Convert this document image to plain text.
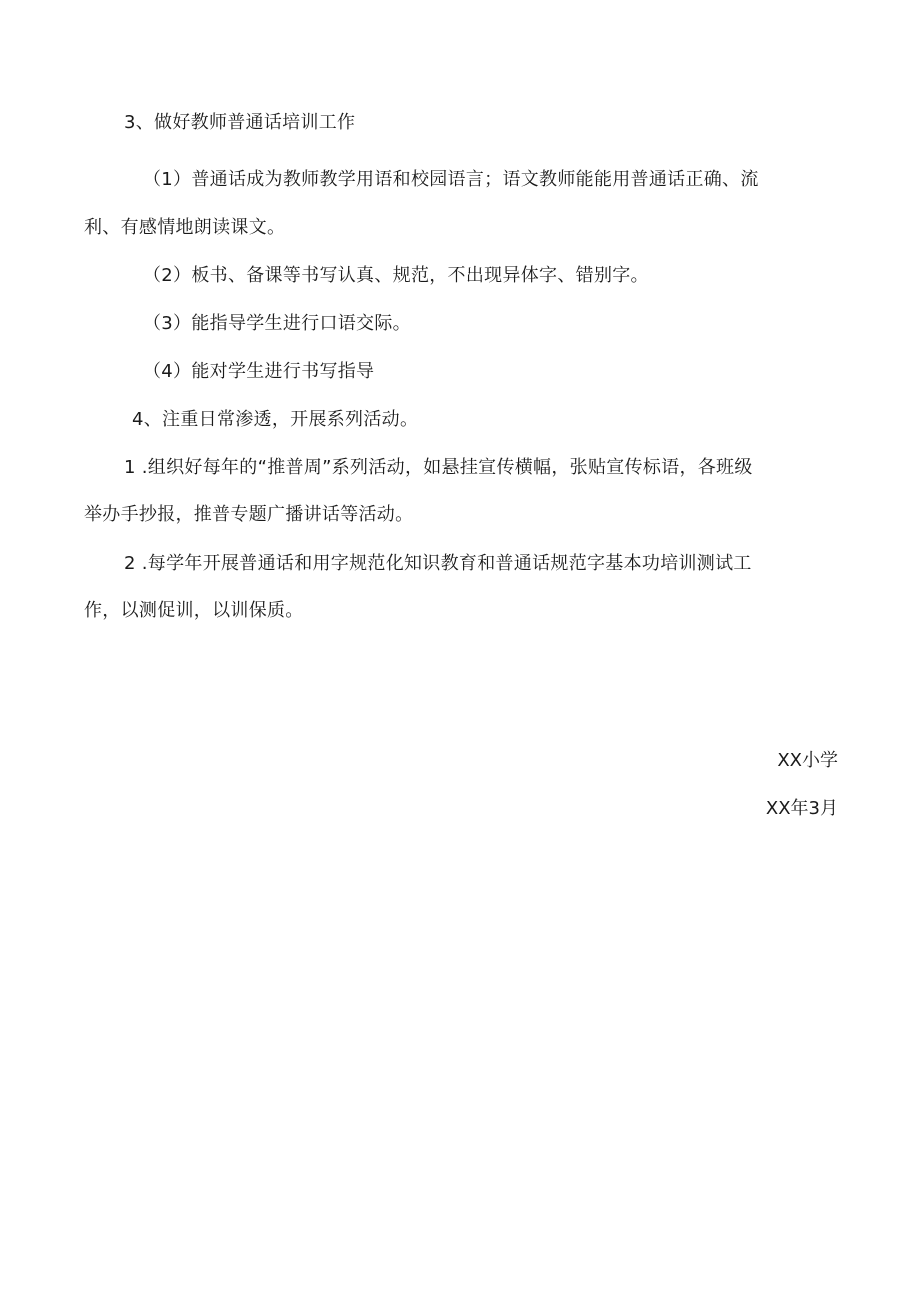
3、做好教师普通话培训工作
（1）普通话成为教师教学用语和校园语言；语文教师能能用普通话正确、流
利、有感情地朗读课文。
（2）板书、备课等书写认真、规范，不出现异体字、错别字。
（3）能指导学生进行口语交际。
（4）能对学生进行书写指导
4、注重日常渗透，开展系列活动。
1 .组织好每年的“推普周”系列活动，如悬挂宣传横幅，张贴宣传标语，各班级
举办手抄报，推普专题广播讲话等活动。
2 .每学年开展普通话和用字规范化知识教育和普通话规范字基本功培训测试工
作，以测促训，以训保质。
XX小学
XX年3月
